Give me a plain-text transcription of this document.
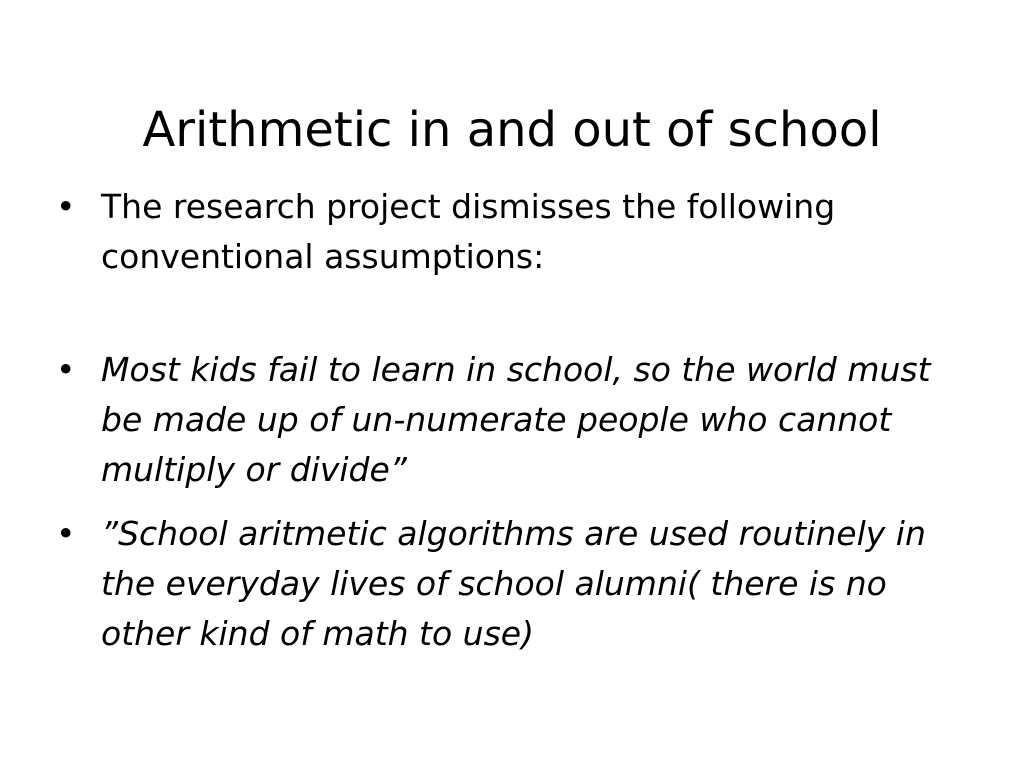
Arithmetic in and out of school
• The research project dismisses the following conventional assumptions:
• Most kids fail to learn in school, so the world must be made up of un-numerate people who cannot multiply or divide”
• ”School aritmetic algorithms are used routinely in the everyday lives of school alumni( there is no other kind of math to use)
